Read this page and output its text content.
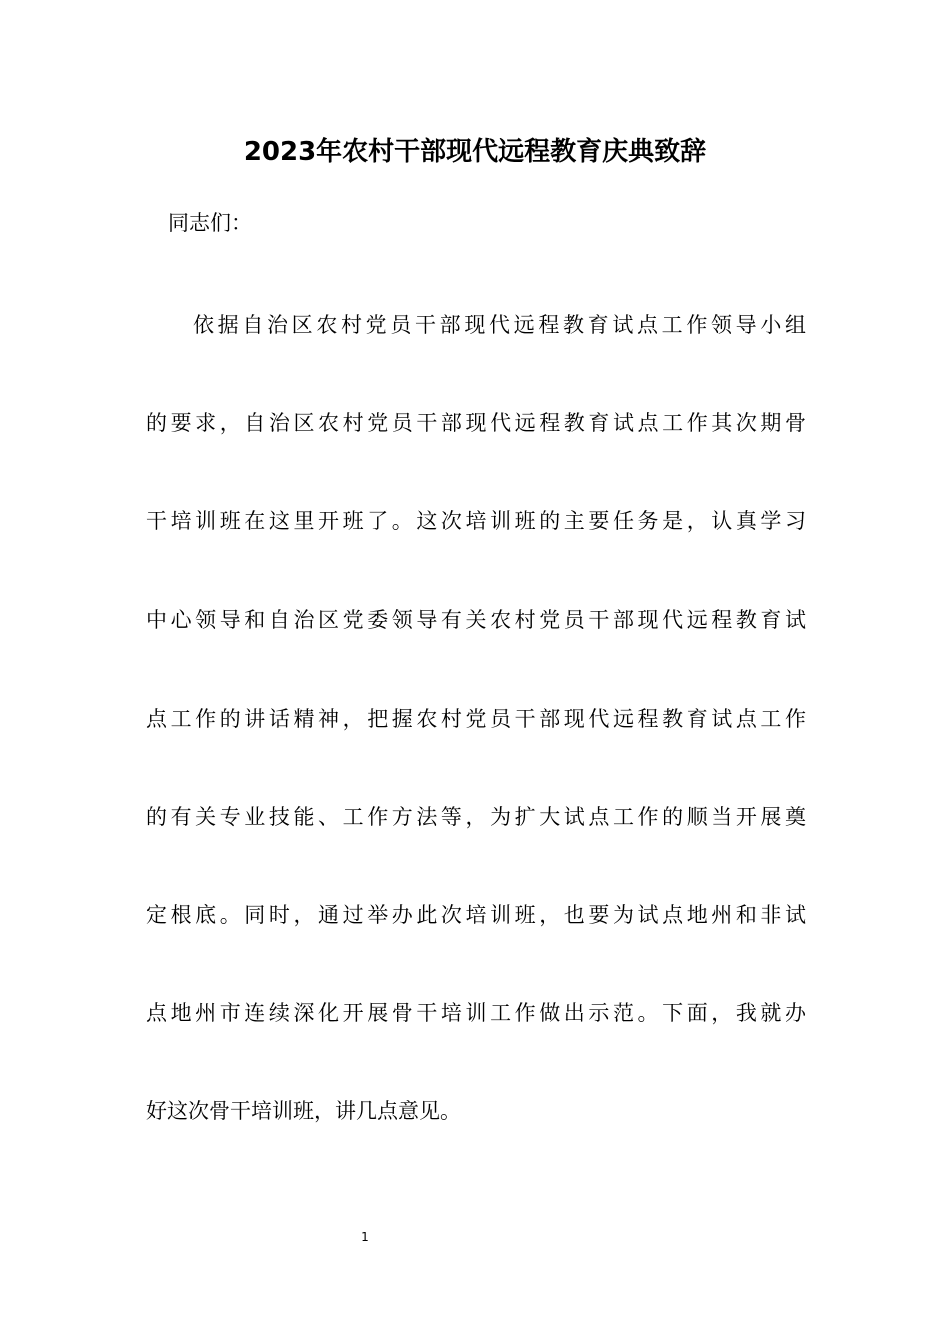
2023年农村干部现代远程教育庆典致辞

同志们：

依据自治区农村党员干部现代远程教育试点工作领导小组

的要求，自治区农村党员干部现代远程教育试点工作其次期骨

干培训班在这里开班了。这次培训班的主要任务是，认真学习

中心领导和自治区党委领导有关农村党员干部现代远程教育试

点工作的讲话精神，把握农村党员干部现代远程教育试点工作

的有关专业技能、工作方法等，为扩大试点工作的顺当开展奠

定根底。同时，通过举办此次培训班，也要为试点地州和非试

点地州市连续深化开展骨干培训工作做出示范。下面，我就办

好这次骨干培训班，讲几点意见。

1
